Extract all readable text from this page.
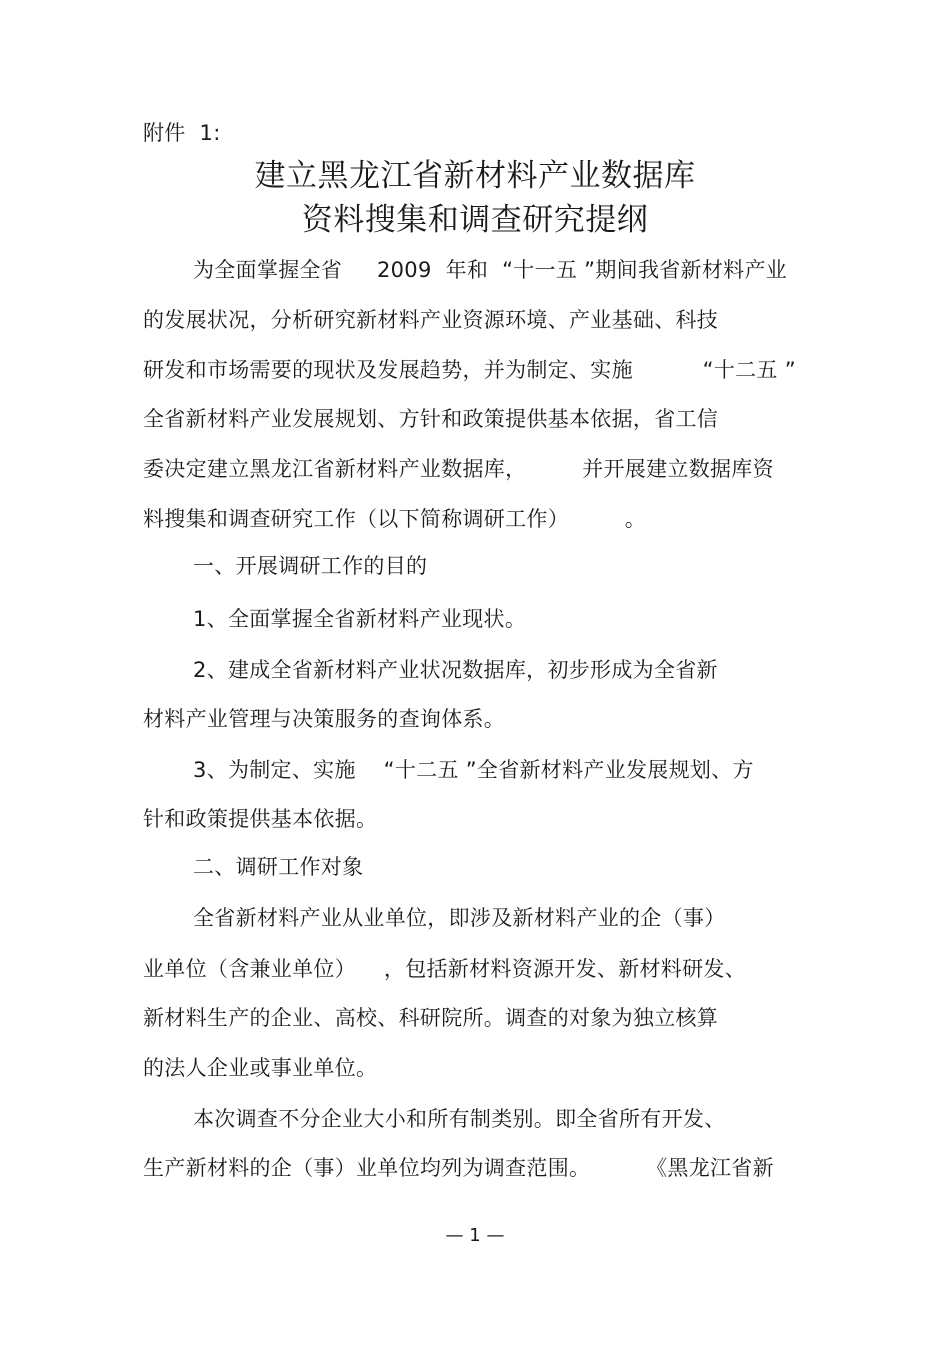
附件  1:
建立黑龙江省新材料产业数据库
资料搜集和调查研究提纲
为全面掌握全省     2009  年和  “十一五 ”期间我省新材料产业
的发展状况，分析研究新材料产业资源环境、产业基础、科技
研发和市场需要的现状及发展趋势，并为制定、实施          “十二五 ”
全省新材料产业发展规划、方针和政策提供基本依据，省工信
委决定建立黑龙江省新材料产业数据库，        并开展建立数据库资
料搜集和调查研究工作（以下简称调研工作）        。
一、开展调研工作的目的
1、全面掌握全省新材料产业现状。
2、建成全省新材料产业状况数据库，初步形成为全省新
材料产业管理与决策服务的查询体系。
3、为制定、实施    “十二五 ”全省新材料产业发展规划、方
针和政策提供基本依据。
二、调研工作对象
全省新材料产业从业单位，即涉及新材料产业的企（事）
业单位（含兼业单位）    ，包括新材料资源开发、新材料研发、
新材料生产的企业、高校、科研院所。调查的对象为独立核算
的法人企业或事业单位。
本次调查不分企业大小和所有制类别。即全省所有开发、
生产新材料的企（事）业单位均列为调查范围。        《黑龙江省新
— 1 —
